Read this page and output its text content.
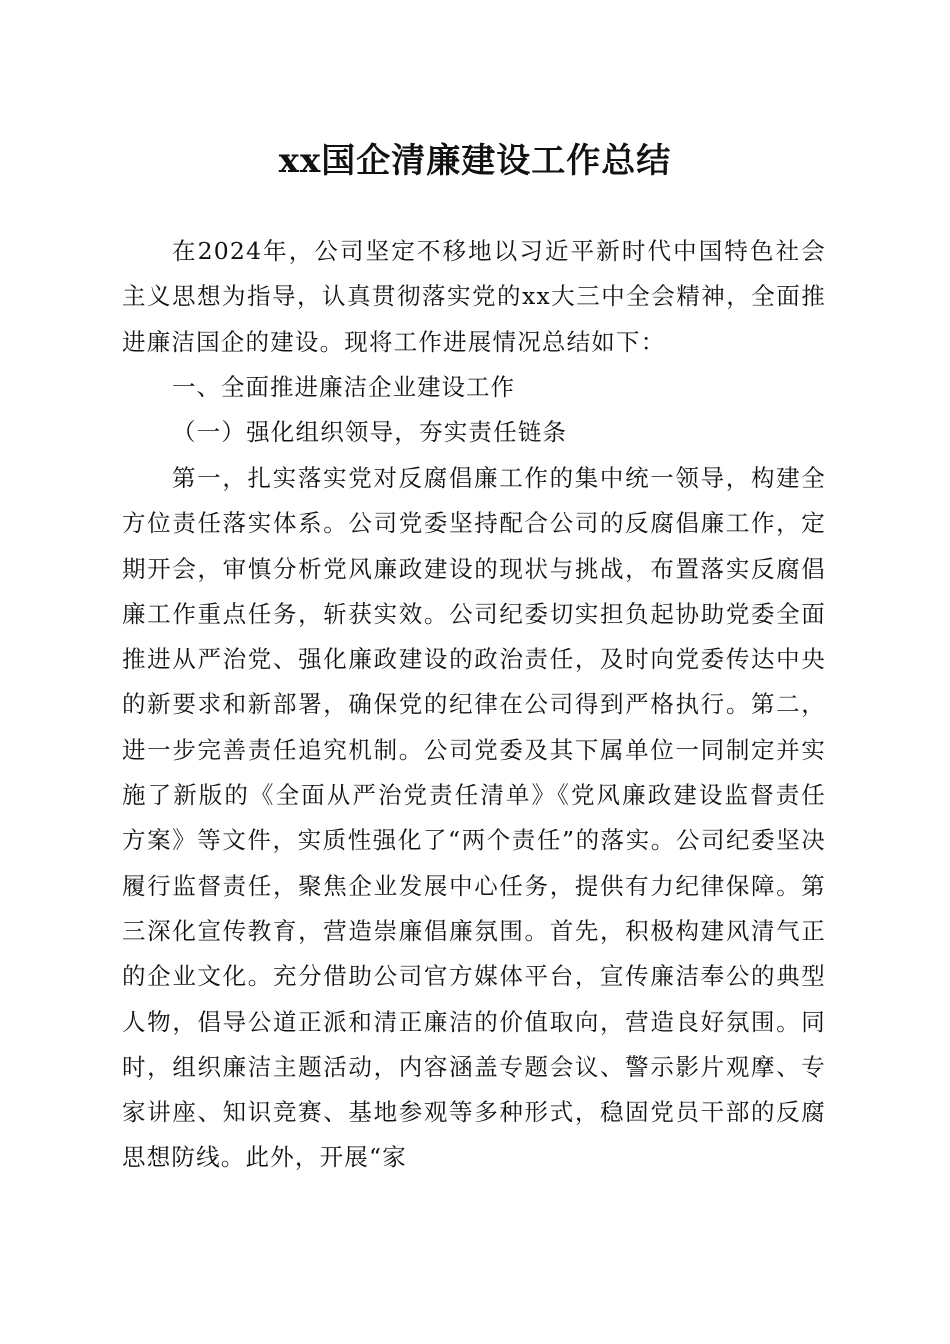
xx国企清廉建设工作总结
在2024年，公司坚定不移地以习近平新时代中国特色社会主义思想为指导，认真贯彻落实党的xx大三中全会精神，全面推进廉洁国企的建设。现将工作进展情况总结如下：
一、全面推进廉洁企业建设工作
（一）强化组织领导，夯实责任链条
第一，扎实落实党对反腐倡廉工作的集中统一领导，构建全方位责任落实体系。公司党委坚持配合公司的反腐倡廉工作，定期开会，审慎分析党风廉政建设的现状与挑战，布置落实反腐倡廉工作重点任务，斩获实效。公司纪委切实担负起协助党委全面推进从严治党、强化廉政建设的政治责任，及时向党委传达中央的新要求和新部署，确保党的纪律在公司得到严格执行。第二，进一步完善责任追究机制。公司党委及其下属单位一同制定并实施了新版的《全面从严治党责任清单》《党风廉政建设监督责任方案》等文件，实质性强化了“两个责任”的落实。公司纪委坚决履行监督责任，聚焦企业发展中心任务，提供有力纪律保障。第三深化宣传教育，营造崇廉倡廉氛围。首先，积极构建风清气正的企业文化。充分借助公司官方媒体平台，宣传廉洁奉公的典型人物，倡导公道正派和清正廉洁的价值取向，营造良好氛围。同时，组织廉洁主题活动，内容涵盖专题会议、警示影片观摩、专家讲座、知识竞赛、基地参观等多种形式，稳固党员干部的反腐思想防线。此外，开展“家
